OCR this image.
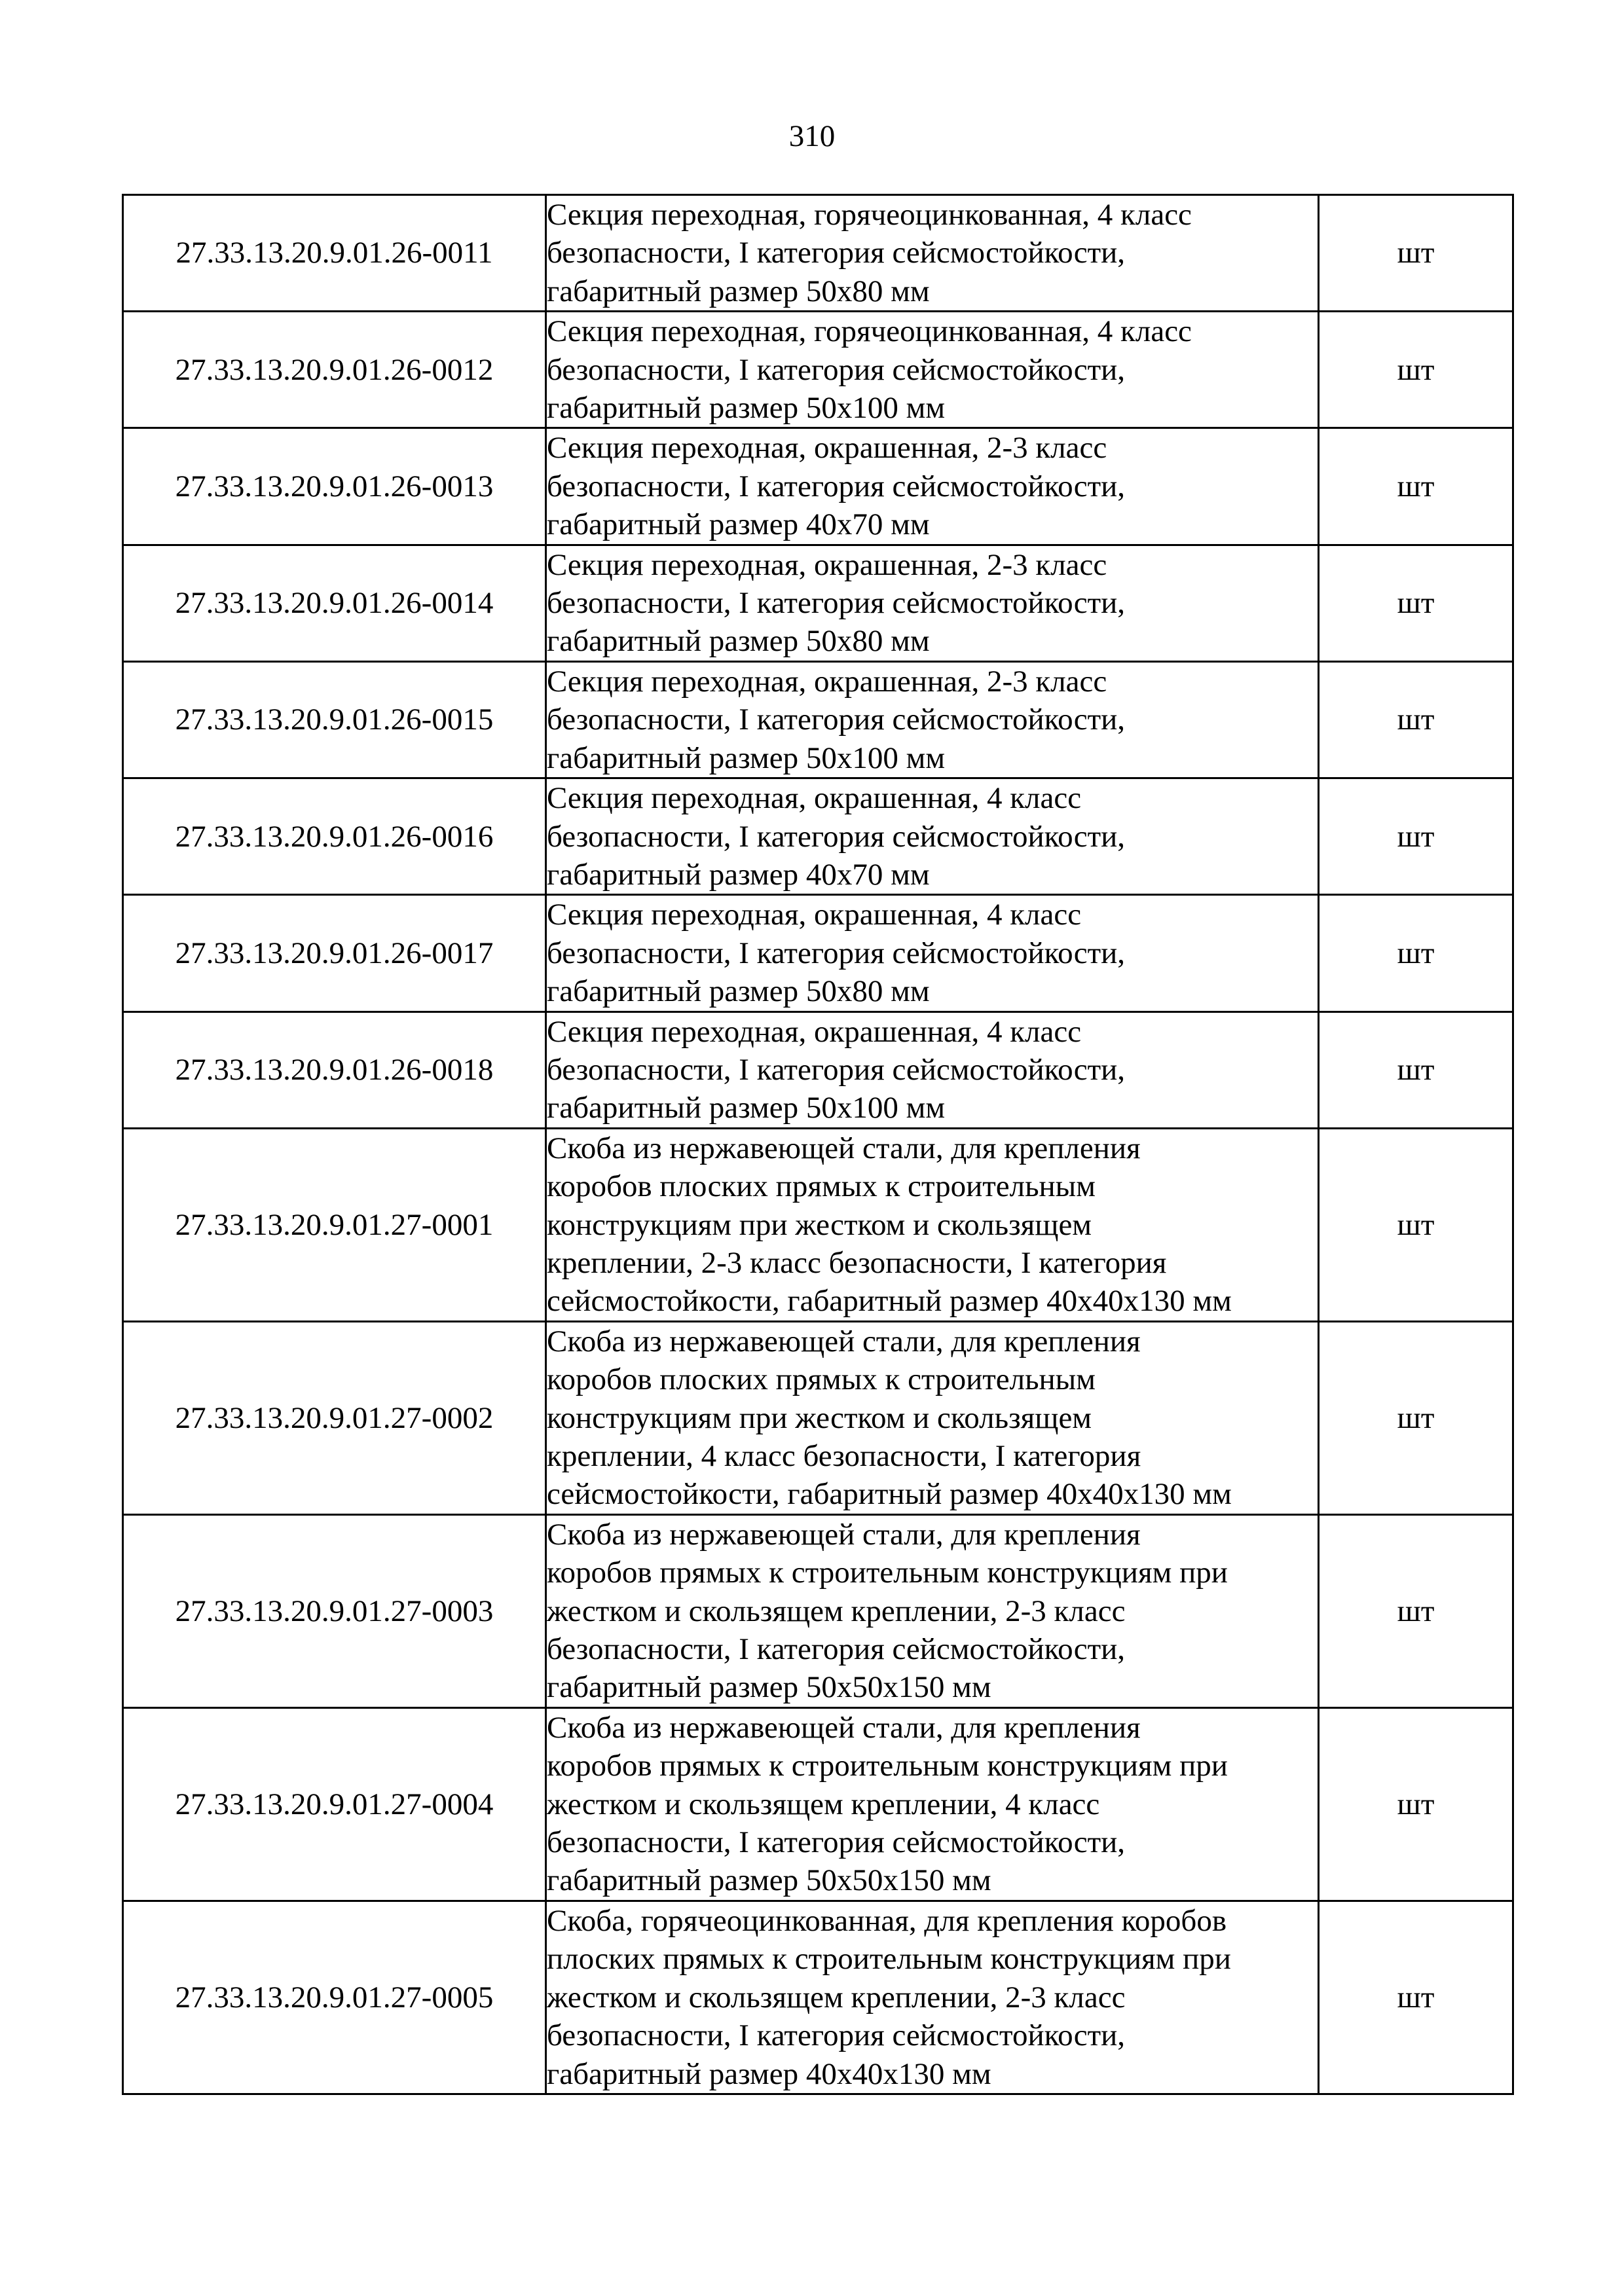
310
27.33.13.20.9.01.26-0011	Секция переходная, горячеоцинкованная, 4 класс
безопасности, I категория сейсмостойкости,
габаритный размер 50х80 мм	шт
27.33.13.20.9.01.26-0012	Секция переходная, горячеоцинкованная, 4 класс
безопасности, I категория сейсмостойкости,
габаритный размер 50х100 мм	шт
27.33.13.20.9.01.26-0013	Секция переходная, окрашенная, 2-3 класс
безопасности, I категория сейсмостойкости,
габаритный размер 40х70 мм	шт
27.33.13.20.9.01.26-0014	Секция переходная, окрашенная, 2-3 класс
безопасности, I категория сейсмостойкости,
габаритный размер 50х80 мм	шт
27.33.13.20.9.01.26-0015	Секция переходная, окрашенная, 2-3 класс
безопасности, I категория сейсмостойкости,
габаритный размер 50х100 мм	шт
27.33.13.20.9.01.26-0016	Секция переходная, окрашенная, 4 класс
безопасности, I категория сейсмостойкости,
габаритный размер 40х70 мм	шт
27.33.13.20.9.01.26-0017	Секция переходная, окрашенная, 4 класс
безопасности, I категория сейсмостойкости,
габаритный размер 50х80 мм	шт
27.33.13.20.9.01.26-0018	Секция переходная, окрашенная, 4 класс
безопасности, I категория сейсмостойкости,
габаритный размер 50х100 мм	шт
27.33.13.20.9.01.27-0001	Скоба из нержавеющей стали, для крепления
коробов плоских прямых к строительным
конструкциям при жестком и скользящем
креплении, 2-3 класс безопасности, I категория
сейсмостойкости, габаритный размер 40х40х130 мм	шт
27.33.13.20.9.01.27-0002	Скоба из нержавеющей стали, для крепления
коробов плоских прямых к строительным
конструкциям при жестком и скользящем
креплении, 4 класс безопасности, I категория
сейсмостойкости, габаритный размер 40х40х130 мм	шт
27.33.13.20.9.01.27-0003	Скоба из нержавеющей стали, для крепления
коробов прямых к строительным конструкциям при
жестком и скользящем креплении, 2-3 класс
безопасности, I категория сейсмостойкости,
габаритный размер 50х50х150 мм	шт
27.33.13.20.9.01.27-0004	Скоба из нержавеющей стали, для крепления
коробов прямых к строительным конструкциям при
жестком и скользящем креплении, 4 класс
безопасности, I категория сейсмостойкости,
габаритный размер 50х50х150 мм	шт
27.33.13.20.9.01.27-0005	Скоба, горячеоцинкованная, для крепления коробов
плоских прямых к строительным конструкциям при
жестком и скользящем креплении, 2-3 класс
безопасности, I категория сейсмостойкости,
габаритный размер 40х40х130 мм	шт
